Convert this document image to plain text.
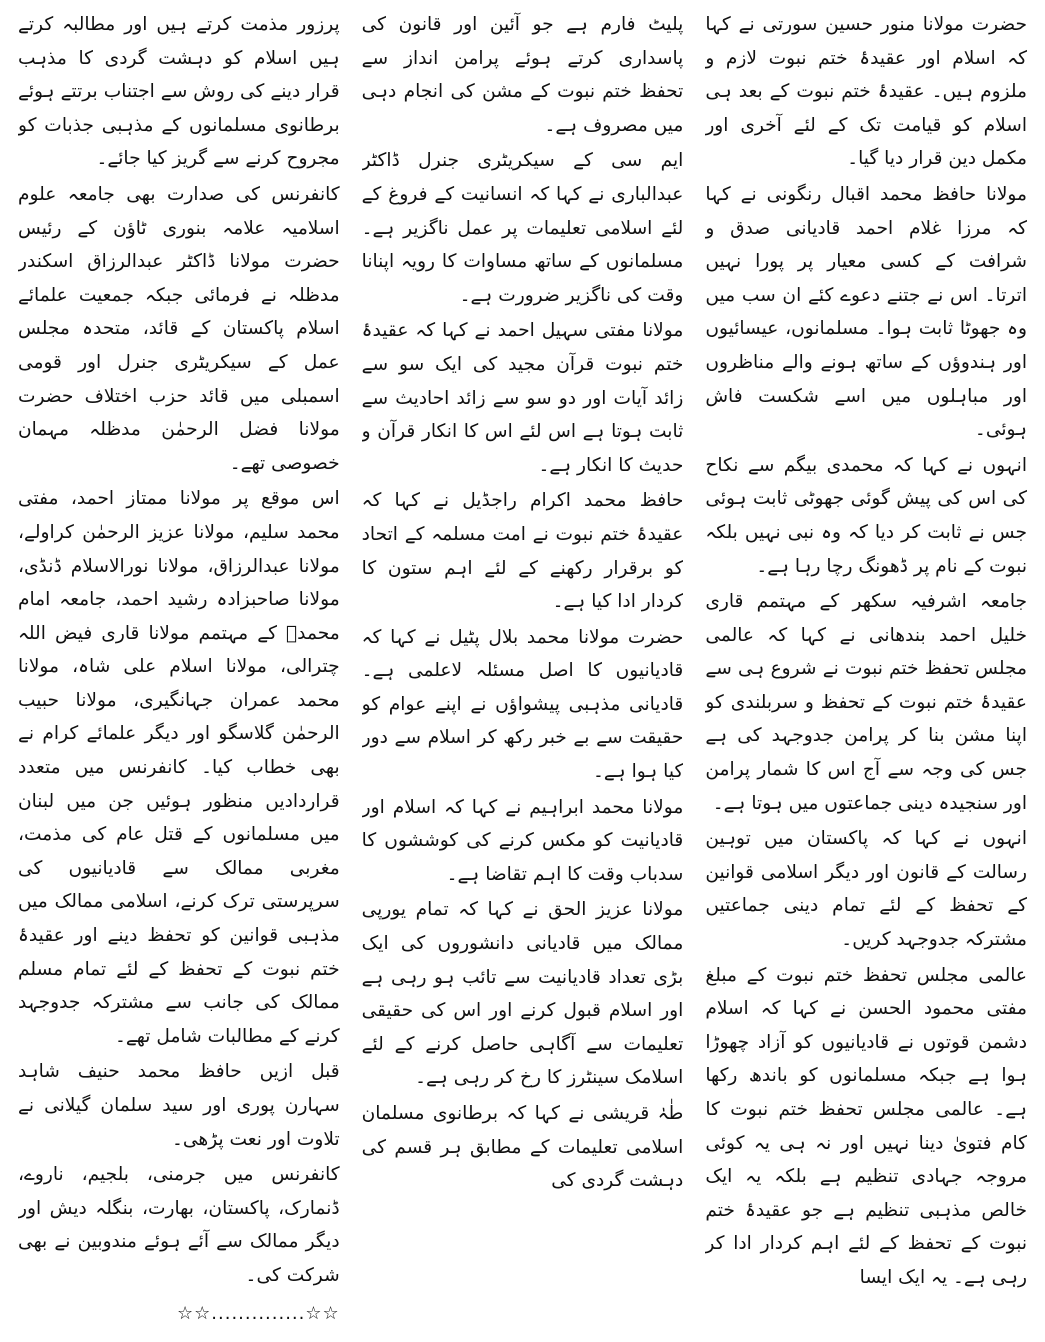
حضرت مولانا منور حسین سورتی نے کہا کہ اسلام اور عقیدۂ ختم نبوت لازم و ملزوم ہیں۔ عقیدۂ ختم نبوت کے بعد ہی اسلام کو قیامت تک کے لئے آخری اور مکمل دین قرار دیا گیا۔

مولانا حافظ محمد اقبال رنگونی نے کہا کہ مرزا غلام احمد قادیانی صدق و شرافت کے کسی معیار پر پورا نہیں اترتا۔ اس نے جتنے دعوے کئے ان سب میں وہ جھوٹا ثابت ہوا۔ مسلمانوں، عیسائیوں اور ہندوؤں کے ساتھ ہونے والے مناظروں اور مباہلوں میں اسے شکست فاش ہوئی۔

انہوں نے کہا کہ محمدی بیگم سے نکاح کی اس کی پیش گوئی جھوٹی ثابت ہوئی جس نے ثابت کر دیا کہ وہ نبی نہیں بلکہ نبوت کے نام پر ڈھونگ رچا رہا ہے۔

جامعہ اشرفیہ سکھر کے مہتمم قاری خلیل احمد بندھانی نے کہا کہ عالمی مجلس تحفظ ختم نبوت نے شروع ہی سے عقیدۂ ختم نبوت کے تحفظ و سربلندی کو اپنا مشن بنا کر پرامن جدوجہد کی ہے جس کی وجہ سے آج اس کا شمار پرامن اور سنجیدہ دینی جماعتوں میں ہوتا ہے۔

انہوں نے کہا کہ پاکستان میں توہین رسالت کے قانون اور دیگر اسلامی قوانین کے تحفظ کے لئے تمام دینی جماعتیں مشترکہ جدوجہد کریں۔

عالمی مجلس تحفظ ختم نبوت کے مبلغ مفتی محمود الحسن نے کہا کہ اسلام دشمن قوتوں نے قادیانیوں کو آزاد چھوڑا ہوا ہے جبکہ مسلمانوں کو باندھ رکھا ہے۔ عالمی مجلس تحفظ ختم نبوت کا کام فتویٰ دینا نہیں اور نہ ہی یہ کوئی مروجہ جہادی تنظیم ہے بلکہ یہ ایک خالص مذہبی تنظیم ہے جو عقیدۂ ختم نبوت کے تحفظ کے لئے اہم کردار ادا کر رہی ہے۔ یہ ایک ایسا

پلیٹ فارم ہے جو آئین اور قانون کی پاسداری کرتے ہوئے پرامن انداز سے تحفظ ختم نبوت کے مشن کی انجام دہی میں مصروف ہے۔

ایم سی کے سیکریٹری جنرل ڈاکٹر عبدالباری نے کہا کہ انسانیت کے فروغ کے لئے اسلامی تعلیمات پر عمل ناگزیر ہے۔ مسلمانوں کے ساتھ مساوات کا رویہ اپنانا وقت کی ناگزیر ضرورت ہے۔

مولانا مفتی سہیل احمد نے کہا کہ عقیدۂ ختم نبوت قرآن مجید کی ایک سو سے زائد آیات اور دو سو سے زائد احادیث سے ثابت ہوتا ہے اس لئے اس کا انکار قرآن و حدیث کا انکار ہے۔

حافظ محمد اکرام راجڈیل نے کہا کہ عقیدۂ ختم نبوت نے امت مسلمہ کے اتحاد کو برقرار رکھنے کے لئے اہم ستون کا کردار ادا کیا ہے۔

حضرت مولانا محمد بلال پٹیل نے کہا کہ قادیانیوں کا اصل مسئلہ لاعلمی ہے۔ قادیانی مذہبی پیشواؤں نے اپنے عوام کو حقیقت سے بے خبر رکھ کر اسلام سے دور کیا ہوا ہے۔

مولانا محمد ابراہیم نے کہا کہ اسلام اور قادیانیت کو مکس کرنے کی کوششوں کا سدباب وقت کا اہم تقاضا ہے۔

مولانا عزیز الحق نے کہا کہ تمام یورپی ممالک میں قادیانی دانشوروں کی ایک بڑی تعداد قادیانیت سے تائب ہو رہی ہے اور اسلام قبول کرنے اور اس کی حقیقی تعلیمات سے آگاہی حاصل کرنے کے لئے اسلامک سینٹرز کا رخ کر رہی ہے۔

طٰہٰ قریشی نے کہا کہ برطانوی مسلمان اسلامی تعلیمات کے مطابق ہر قسم کی دہشت گردی کی

پرزور مذمت کرتے ہیں اور مطالبہ کرتے ہیں اسلام کو دہشت گردی کا مذہب قرار دینے کی روش سے اجتناب برتتے ہوئے برطانوی مسلمانوں کے مذہبی جذبات کو مجروح کرنے سے گریز کیا جائے۔

کانفرنس کی صدارت بھی جامعہ علوم اسلامیہ علامہ بنوری ٹاؤن کے رئیس حضرت مولانا ڈاکٹر عبدالرزاق اسکندر مدظلہ نے فرمائی جبکہ جمعیت علمائے اسلام پاکستان کے قائد، متحدہ مجلس عمل کے سیکریٹری جنرل اور قومی اسمبلی میں قائد حزب اختلاف حضرت مولانا فضل الرحمٰن مدظلہ مہمان خصوصی تھے۔

اس موقع پر مولانا ممتاز احمد، مفتی محمد سلیم، مولانا عزیز الرحمٰن کراولے، مولانا عبدالرزاق، مولانا نورالاسلام ڈنڈی، مولانا صاحبزادہ رشید احمد، جامعہ امام محمدؒ کے مہتمم مولانا قاری فیض اللہ چترالی، مولانا اسلام علی شاہ، مولانا محمد عمران جہانگیری، مولانا حبیب الرحمٰن گلاسگو اور دیگر علمائے کرام نے بھی خطاب کیا۔ کانفرنس میں متعدد قراردادیں منظور ہوئیں جن میں لبنان میں مسلمانوں کے قتل عام کی مذمت، مغربی ممالک سے قادیانیوں کی سرپرستی ترک کرنے، اسلامی ممالک میں مذہبی قوانین کو تحفظ دینے اور عقیدۂ ختم نبوت کے تحفظ کے لئے تمام مسلم ممالک کی جانب سے مشترکہ جدوجہد کرنے کے مطالبات شامل تھے۔

قبل ازیں حافظ محمد حنیف شاہد سہارن پوری اور سید سلمان گیلانی نے تلاوت اور نعت پڑھی۔

کانفرنس میں جرمنی، بلجیم، ناروے، ڈنمارک، پاکستان، بھارت، بنگلہ دیش اور دیگر ممالک سے آئے ہوئے مندوبین نے بھی شرکت کی۔

☆☆..............☆☆
